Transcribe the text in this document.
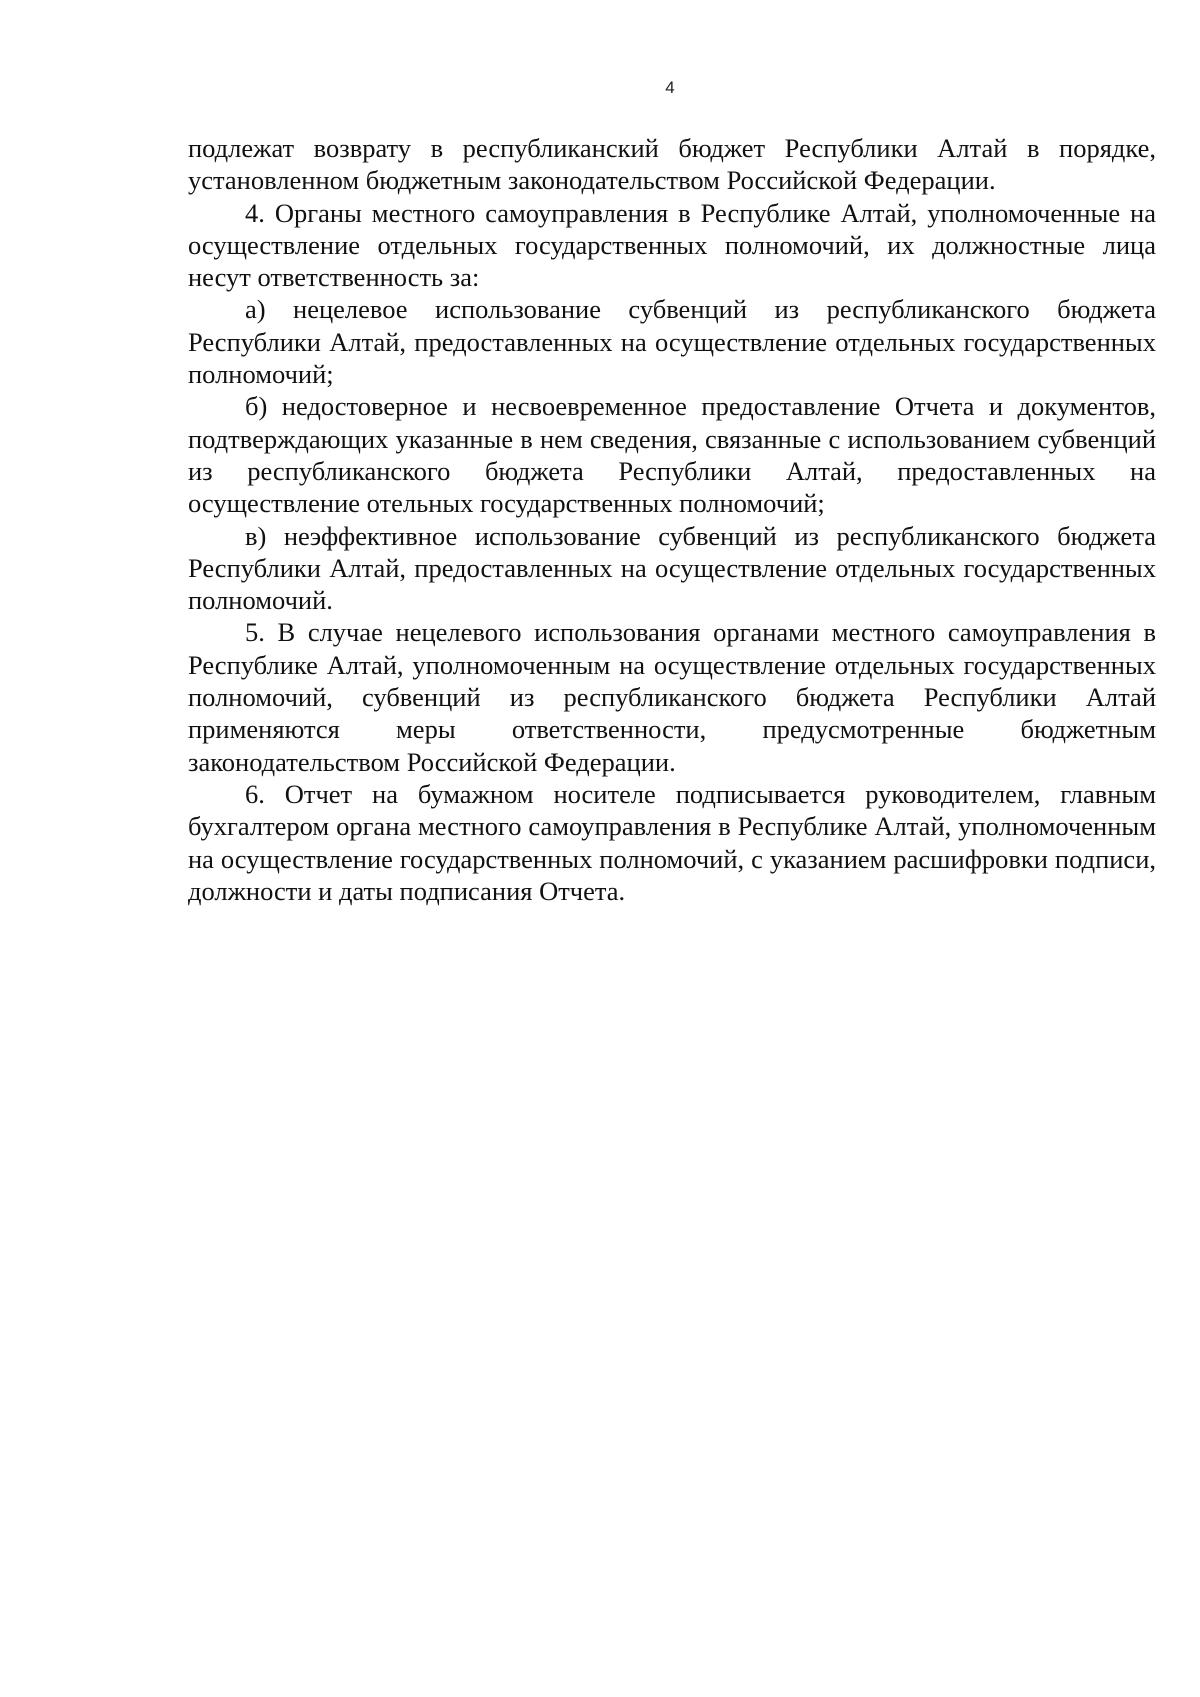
4

подлежат возврату в республиканский бюджет Республики Алтай в порядке, установленном бюджетным законодательством Российской Федерации.

4. Органы местного самоуправления в Республике Алтай, уполномоченные на осуществление отдельных государственных полномочий, их должностные лица несут ответственность за:

а) нецелевое использование субвенций из республиканского бюджета Республики Алтай, предоставленных на осуществление отдельных государственных полномочий;

б) недостоверное и несвоевременное предоставление Отчета и документов, подтверждающих указанные в нем сведения, связанные с использованием субвенций из республиканского бюджета Республики Алтай, предоставленных на осуществление отельных государственных полномочий;

в) неэффективное использование субвенций из республиканского бюджета Республики Алтай, предоставленных на осуществление отдельных государственных полномочий.

5. В случае нецелевого использования органами местного самоуправления в Республике Алтай, уполномоченным на осуществление отдельных государственных полномочий, субвенций из республиканского бюджета Республики Алтай применяются меры ответственности, предусмотренные бюджетным законодательством Российской Федерации.

6. Отчет на бумажном носителе подписывается руководителем, главным бухгалтером органа местного самоуправления в Республике Алтай, уполномоченным на осуществление государственных полномочий, с указанием расшифровки подписи, должности и даты подписания Отчета.
